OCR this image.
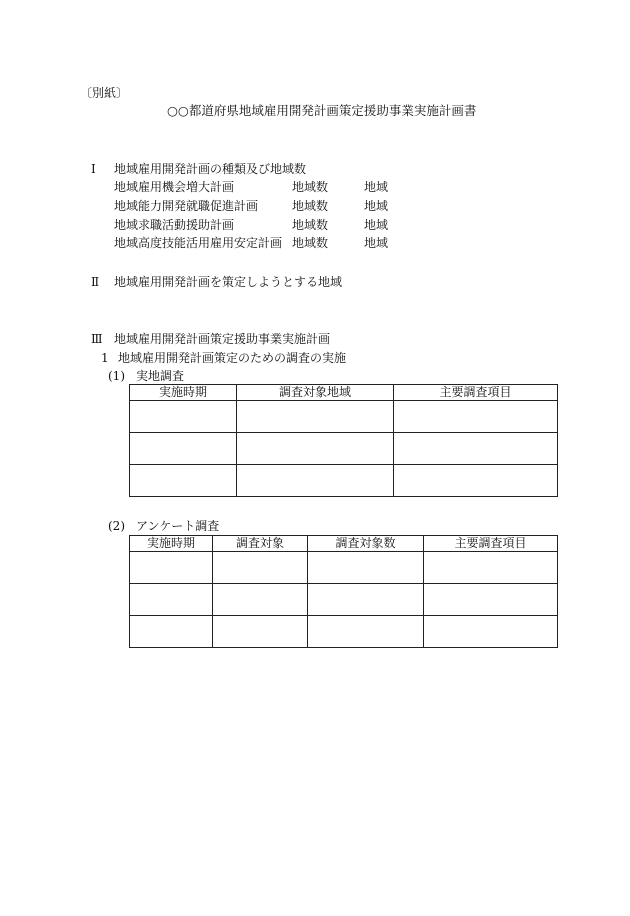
〔別紙〕
○○都道府県地域雇用開発計画策定援助事業実施計画書
Ⅰ 地域雇用開発計画の種類及び地域数
地域雇用機会増大計画	地域数	地域
地域能力開発就職促進計画	地域数	地域
地域求職活動援助計画	地域数	地域
地域高度技能活用雇用安定計画 地域数	地域
Ⅱ 地域雇用開発計画を策定しようとする地域
Ⅲ 地域雇用開発計画策定援助事業実施計画
1 地域雇用開発計画策定のための調査の実施
(1) 実地調査
実施時期	調査対象地域	主要調査項目

(2) アンケート調査
実施時期	調査対象	調査対象数	主要調査項目
